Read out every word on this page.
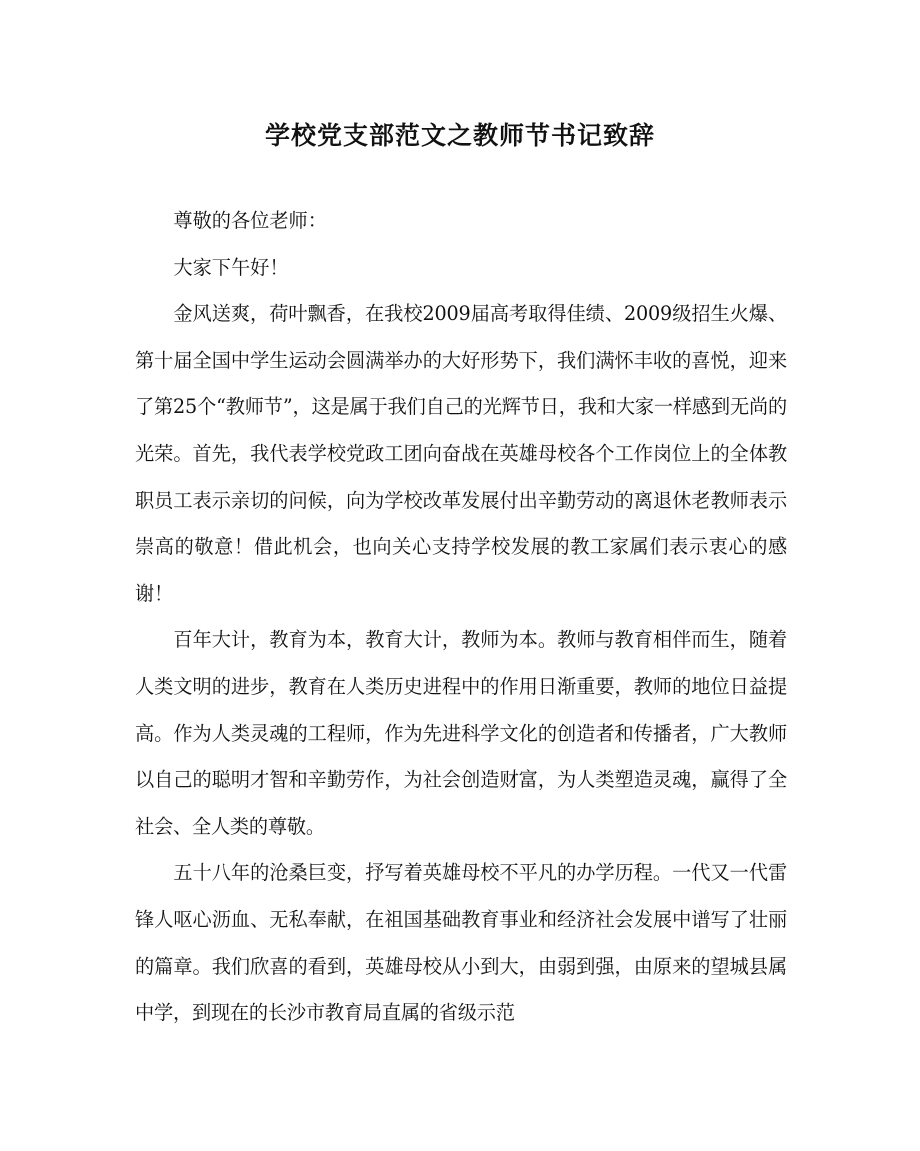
学校党支部范文之教师节书记致辞

尊敬的各位老师：

大家下午好！

金风送爽，荷叶飘香，在我校2009届高考取得佳绩、2009级招生火爆、第十届全国中学生运动会圆满举办的大好形势下，我们满怀丰收的喜悦，迎来了第25个“教师节”，这是属于我们自己的光辉节日，我和大家一样感到无尚的光荣。首先，我代表学校党政工团向奋战在英雄母校各个工作岗位上的全体教职员工表示亲切的问候，向为学校改革发展付出辛勤劳动的离退休老教师表示崇高的敬意！借此机会，也向关心支持学校发展的教工家属们表示衷心的感谢！

百年大计，教育为本，教育大计，教师为本。教师与教育相伴而生，随着人类文明的进步，教育在人类历史进程中的作用日渐重要，教师的地位日益提高。作为人类灵魂的工程师，作为先进科学文化的创造者和传播者，广大教师以自己的聪明才智和辛勤劳作，为社会创造财富，为人类塑造灵魂，赢得了全社会、全人类的尊敬。

五十八年的沧桑巨变，抒写着英雄母校不平凡的办学历程。一代又一代雷锋人呕心沥血、无私奉献，在祖国基础教育事业和经济社会发展中谱写了壮丽的篇章。我们欣喜的看到，英雄母校从小到大，由弱到强，由原来的望城县属中学，到现在的长沙市教育局直属的省级示范
